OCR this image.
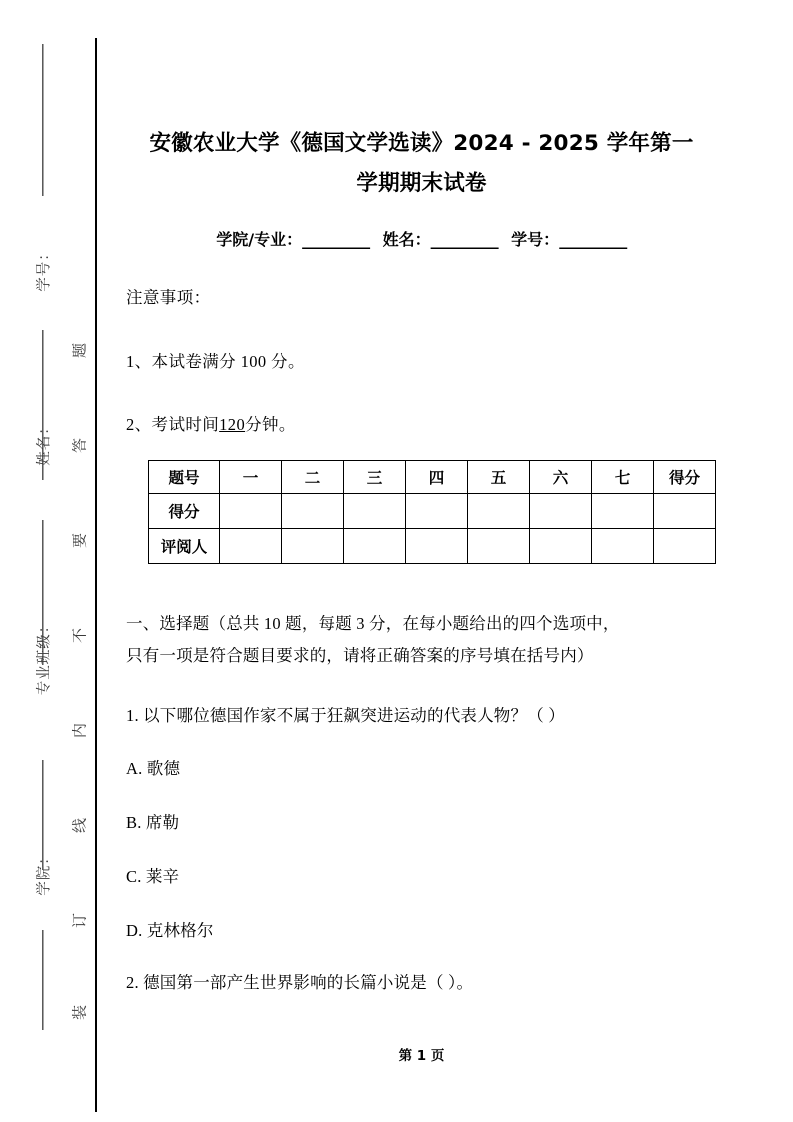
题
答
要
不
内
线
订
装
学号：
姓名：
专业班级：
学院：
安徽农业大学《德国文学选读》2024 - 2025 学年第一
学期期末试卷
学院/专业：_________ 姓名：_________ 学号：_________
注意事项：
1、本试卷满分 100 分。
2、考试时间120分钟。
题号	一	二	三	四	五	六	七	得分
得分								
评阅人								
一、选择题（总共 10 题，每题 3 分，在每小题给出的四个选项中，
只有一项是符合题目要求的，请将正确答案的序号填在括号内）
1. 以下哪位德国作家不属于狂飙突进运动的代表人物？（ ）
A. 歌德
B. 席勒
C. 莱辛
D. 克林格尔
2. 德国第一部产生世界影响的长篇小说是（ ）。
第 1 页
